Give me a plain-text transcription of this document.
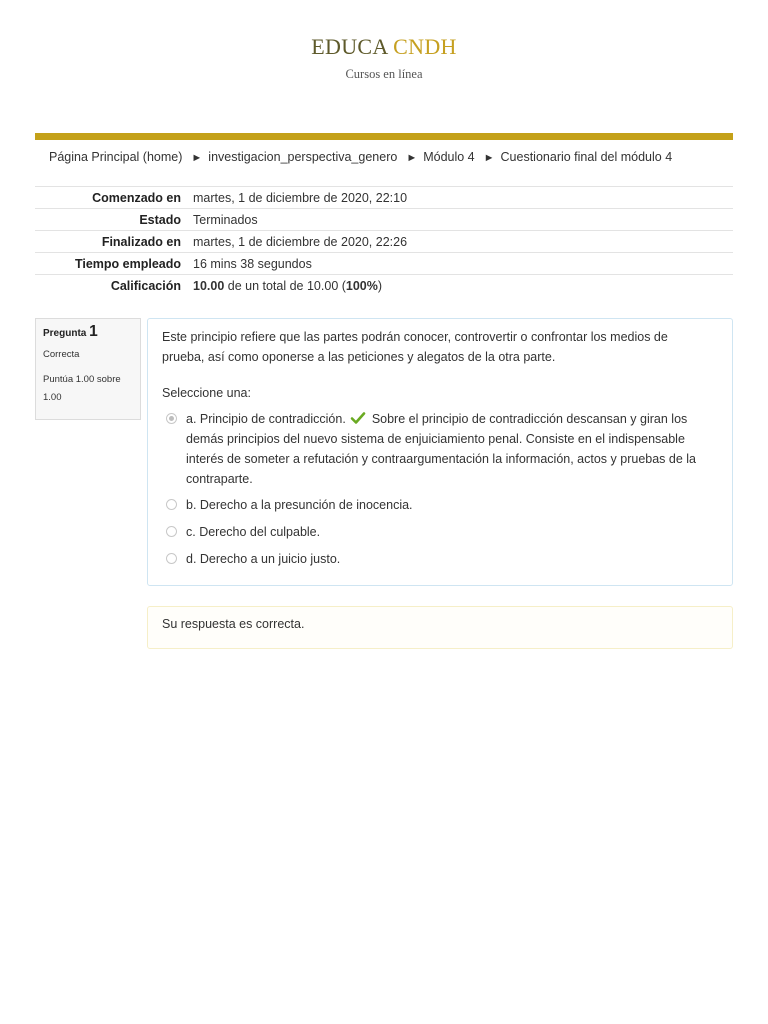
EDUCA CNDH
Cursos en línea
Página Principal (home) ► investigacion_perspectiva_genero ► Módulo 4 ► Cuestionario final del módulo 4
Comenzado en	martes, 1 de diciembre de 2020, 22:10
Estado	Terminados
Finalizado en	martes, 1 de diciembre de 2020, 22:26
Tiempo empleado	16 mins 38 segundos
Calificación	10.00 de un total de 10.00 (100%)
Pregunta 1
Correcta
Puntúa 1.00 sobre 1.00
Este principio refiere que las partes podrán conocer, controvertir o confrontar los medios de prueba, así como oponerse a las peticiones y alegatos de la otra parte.
Seleccione una:
a. Principio de contradicción. Sobre el principio de contradicción descansan y giran los demás principios del nuevo sistema de enjuiciamiento penal. Consiste en el indispensable interés de someter a refutación y contraargumentación la información, actos y pruebas de la contraparte.
b. Derecho a la presunción de inocencia.
c. Derecho del culpable.
d. Derecho a un juicio justo.
Su respuesta es correcta.
